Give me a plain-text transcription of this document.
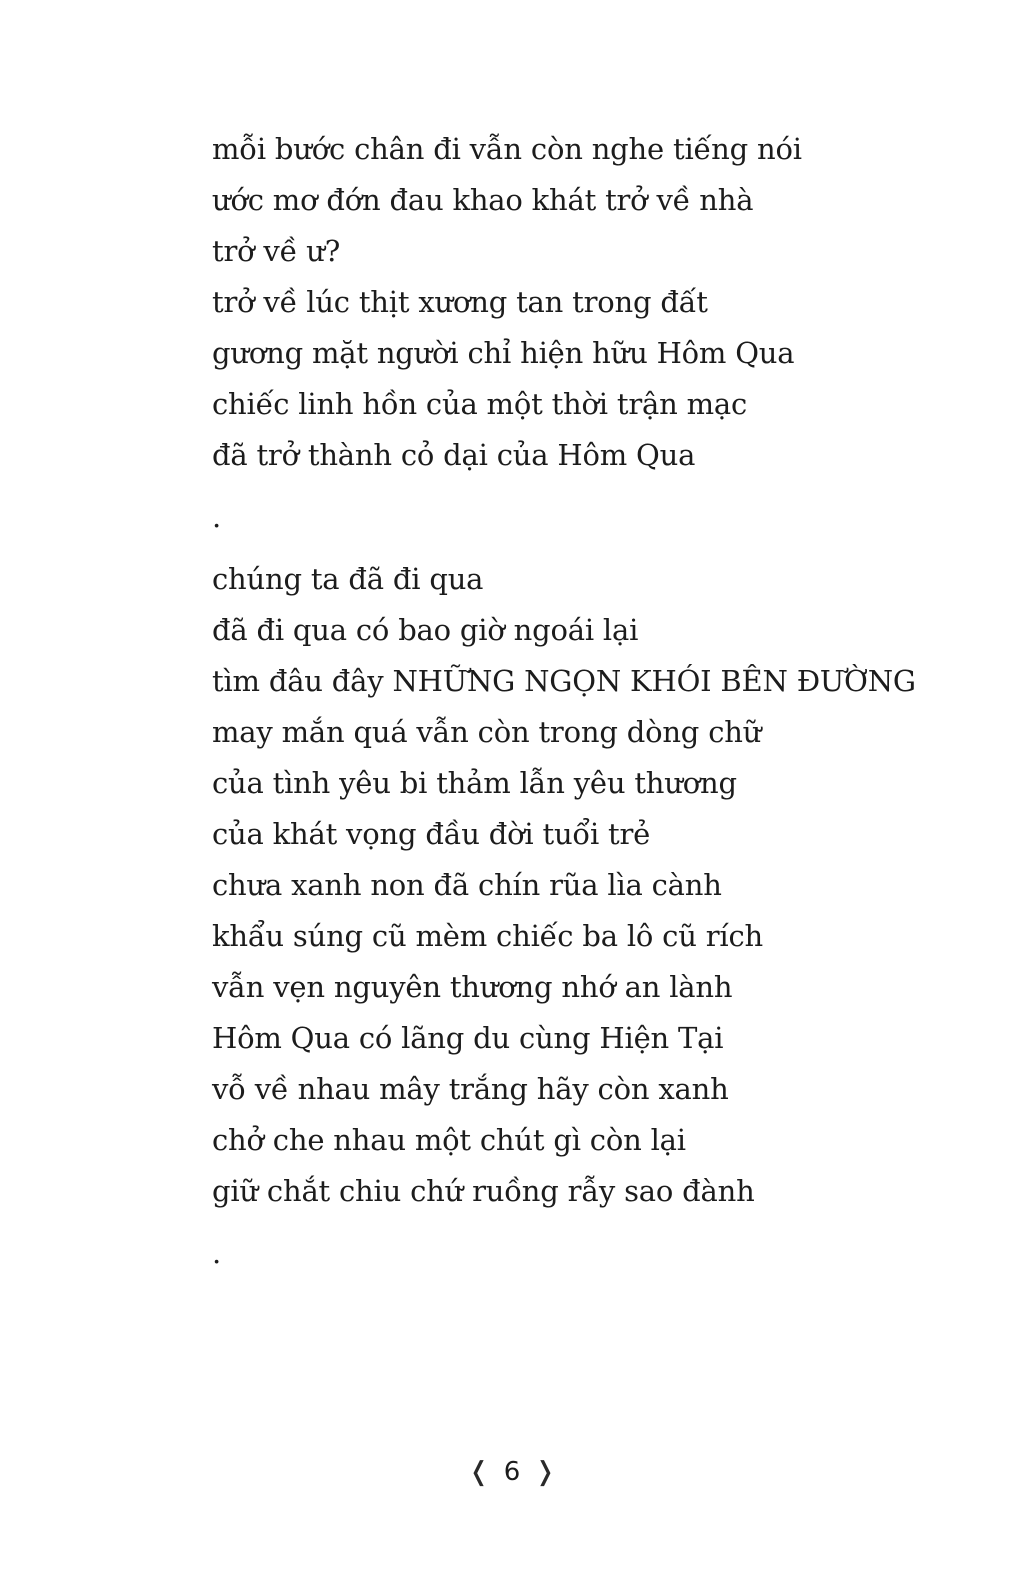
mỗi bước chân đi vẫn còn nghe tiếng nói
ước mơ đớn đau khao khát trở về nhà
trở về ư?
trở về lúc thịt xương tan trong đất
gương mặt người chỉ hiện hữu Hôm Qua
chiếc linh hồn của một thời trận mạc
đã trở thành cỏ dại của Hôm Qua
.
chúng ta đã đi qua
đã đi qua có bao giờ ngoái lại
tìm đâu đây NHỮNG NGỌN KHÓI BÊN ĐƯỜNG
may mắn quá vẫn còn trong dòng chữ
của tình yêu bi thảm lẫn yêu thương
của khát vọng đầu đời tuổi trẻ
chưa xanh non đã chín rũa lìa cành
khẩu súng cũ mèm chiếc ba lô cũ rích
vẫn vẹn nguyên thương nhớ an lành
Hôm Qua có lãng du cùng Hiện Tại
vỗ về nhau mây trắng hãy còn xanh
chở che nhau một chút gì còn lại
giữ chắt chiu chứ ruồng rẫy sao đành
.
❬ 6 ❭
